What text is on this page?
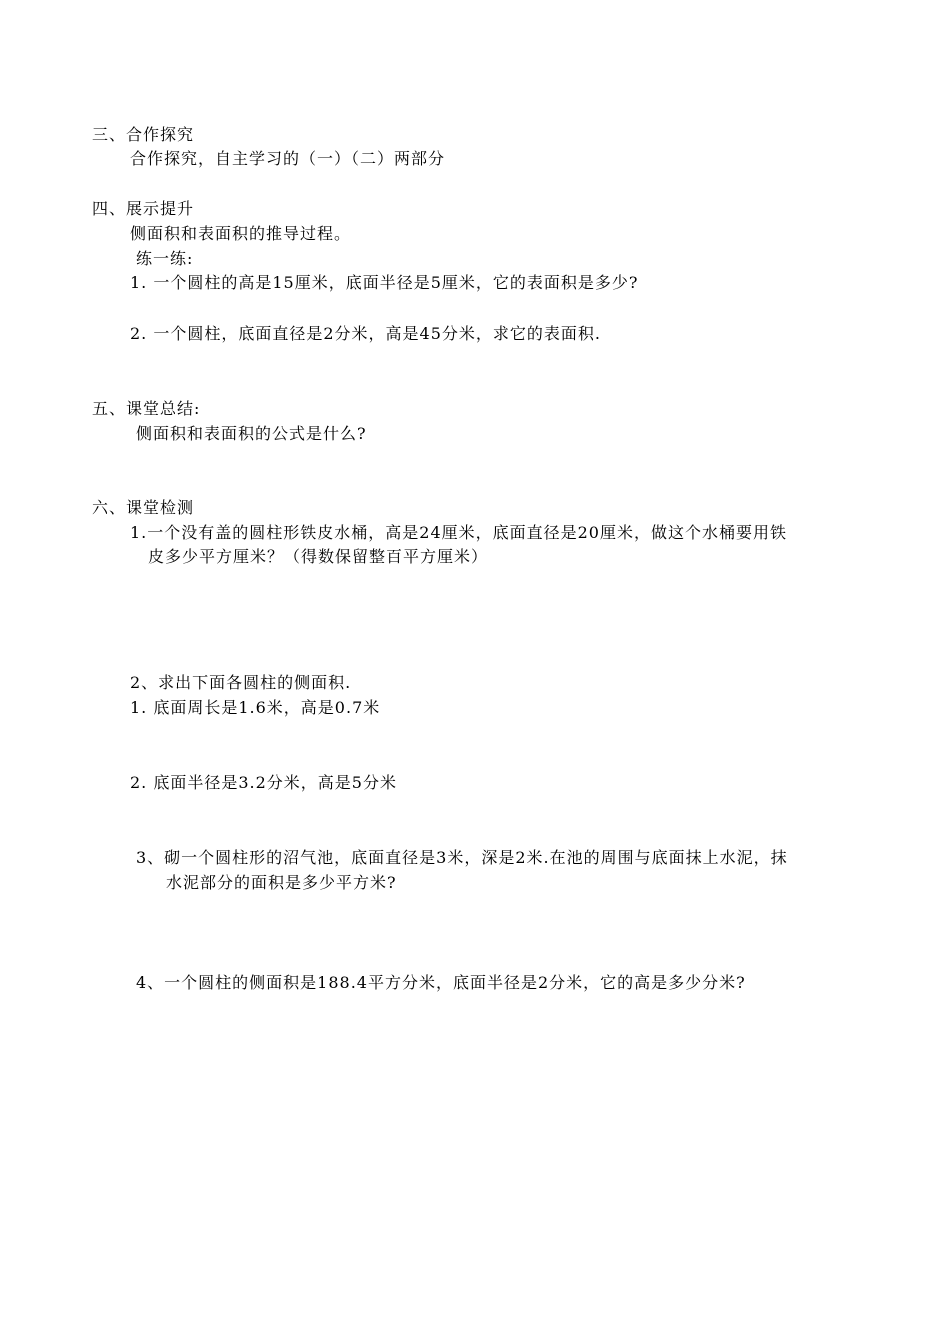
三、合作探究
合作探究，自主学习的（一）（二）两部分
四、展示提升
侧面积和表面积的推导过程。
练一练:
1. 一个圆柱的高是15厘米，底面半径是5厘米，它的表面积是多少?
2. 一个圆柱，底面直径是2分米，高是45分米，求它的表面积.
五、课堂总结:
侧面积和表面积的公式是什么?
六、课堂检测
1.一个没有盖的圆柱形铁皮水桶，高是24厘米，底面直径是20厘米，做这个水桶要用铁
皮多少平方厘米？（得数保留整百平方厘米）
2、求出下面各圆柱的侧面积.
1. 底面周长是1.6米，高是0.7米
2. 底面半径是3.2分米，高是5分米
3、砌一个圆柱形的沼气池，底面直径是3米，深是2米.在池的周围与底面抹上水泥，抹
水泥部分的面积是多少平方米?
4、一个圆柱的侧面积是188.4平方分米，底面半径是2分米，它的高是多少分米?
